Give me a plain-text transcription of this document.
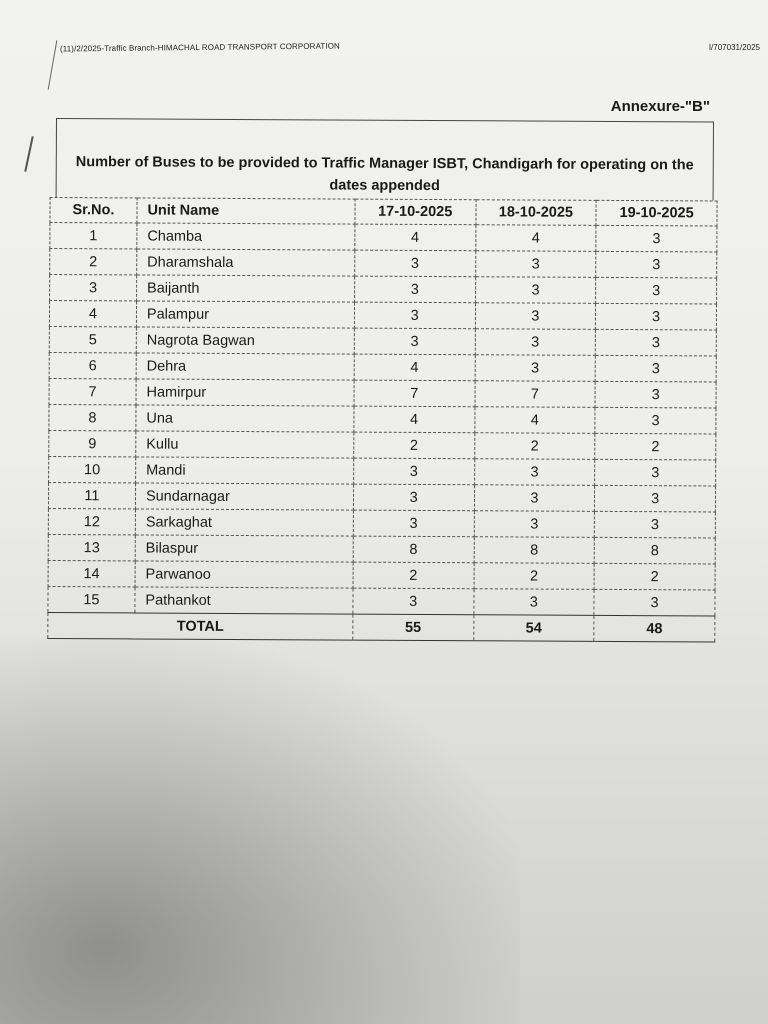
(11)/2/2025-Traffic Branch-HIMACHAL ROAD TRANSPORT CORPORATION	I/707031/2025
Annexure-"B"
Number of Buses to be provided to Traffic Manager ISBT, Chandigarh for operating on the dates appended
Sr.No.	Unit Name	17-10-2025	18-10-2025	19-10-2025
1	Chamba	4	4	3
2	Dharamshala	3	3	3
3	Baijanth	3	3	3
4	Palampur	3	3	3
5	Nagrota Bagwan	3	3	3
6	Dehra	4	3	3
7	Hamirpur	7	7	3
8	Una	4	4	3
9	Kullu	2	2	2
10	Mandi	3	3	3
11	Sundarnagar	3	3	3
12	Sarkaghat	3	3	3
13	Bilaspur	8	8	8
14	Parwanoo	2	2	2
15	Pathankot	3	3	3
TOTAL		55	54	48
